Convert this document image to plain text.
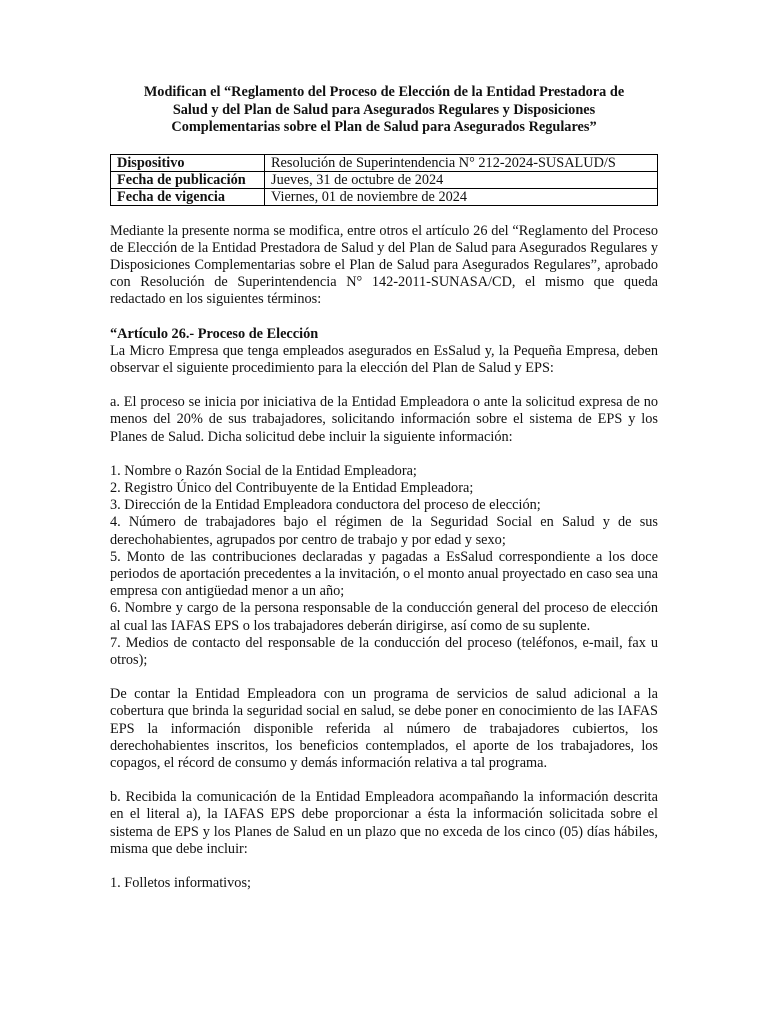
Modifican el “Reglamento del Proceso de Elección de la Entidad Prestadora de
Salud y del Plan de Salud para Asegurados Regulares y Disposiciones
Complementarias sobre el Plan de Salud para Asegurados Regulares”
Dispositivo	Resolución de Superintendencia N° 212-2024-SUSALUD/S
Fecha de publicación	Jueves, 31 de octubre de 2024
Fecha de vigencia	Viernes, 01 de noviembre de 2024

Mediante la presente norma se modifica, entre otros el artículo 26 del “Reglamento del Proceso de Elección de la Entidad Prestadora de Salud y del Plan de Salud para Asegurados Regulares y Disposiciones Complementarias sobre el Plan de Salud para Asegurados Regulares”, aprobado con Resolución de Superintendencia N° 142-2011-SUNASA/CD, el mismo que queda redactado en los siguientes términos:

“Artículo 26.- Proceso de Elección

La Micro Empresa que tenga empleados asegurados en EsSalud y, la Pequeña Empresa, deben observar el siguiente procedimiento para la elección del Plan de Salud y EPS:

a. El proceso se inicia por iniciativa de la Entidad Empleadora o ante la solicitud expresa de no menos del 20% de sus trabajadores, solicitando información sobre el sistema de EPS y los Planes de Salud. Dicha solicitud debe incluir la siguiente información:

1. Nombre o Razón Social de la Entidad Empleadora;

2. Registro Único del Contribuyente de la Entidad Empleadora;

3. Dirección de la Entidad Empleadora conductora del proceso de elección;

4. Número de trabajadores bajo el régimen de la Seguridad Social en Salud y de sus derechohabientes, agrupados por centro de trabajo y por edad y sexo;

5. Monto de las contribuciones declaradas y pagadas a EsSalud correspondiente a los doce periodos de aportación precedentes a la invitación, o el monto anual proyectado en caso sea una empresa con antigüedad menor a un año;

6. Nombre y cargo de la persona responsable de la conducción general del proceso de elección al cual las IAFAS EPS o los trabajadores deberán dirigirse, así como de su suplente.

7. Medios de contacto del responsable de la conducción del proceso (teléfonos, e-mail, fax u otros);

De contar la Entidad Empleadora con un programa de servicios de salud adicional a la cobertura que brinda la seguridad social en salud, se debe poner en conocimiento de las IAFAS EPS la información disponible referida al número de trabajadores cubiertos, los derechohabientes inscritos, los beneficios contemplados, el aporte de los trabajadores, los copagos, el récord de consumo y demás información relativa a tal programa.

b. Recibida la comunicación de la Entidad Empleadora acompañando la información descrita en el literal a), la IAFAS EPS debe proporcionar a ésta la información solicitada sobre el sistema de EPS y los Planes de Salud en un plazo que no exceda de los cinco (05) días hábiles, misma que debe incluir:

1. Folletos informativos;
